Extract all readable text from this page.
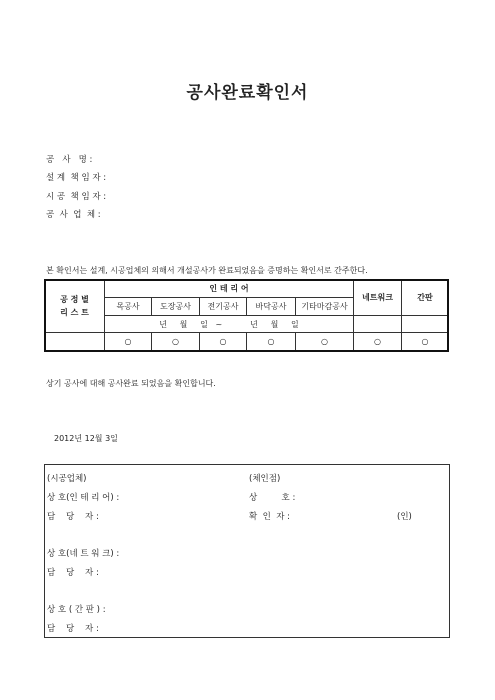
공사완료확인서
공   사   명 :
설 계  책 임 자 :
시 공  책 임 자 :
공  사  업  체 :
본 확인서는 설계, 시공업체의 의해서 개설공사가 완료되었음을 증명하는 확인서로 간주한다.
공 정 별
리 스 트	인 테 리 어					네트워크	간판
	목공사	도장공사	전기공사	바닥공사	기타마감공사		
	년     월     일   ~           년     월     일						
	○	○	○	○	○	○	○
상기 공사에 대해 공사완료 되었음을 확인합니다.
2012년 12월 3일
(시공업체)	(체인점)
상 호(인 테 리 어) :	상         호 :
담    당    자 :	확  인  자 :	(인)
상 호(네 트 워 크) :
담    당    자 :
상 호 ( 간 판 ) :
담    당    자 :
